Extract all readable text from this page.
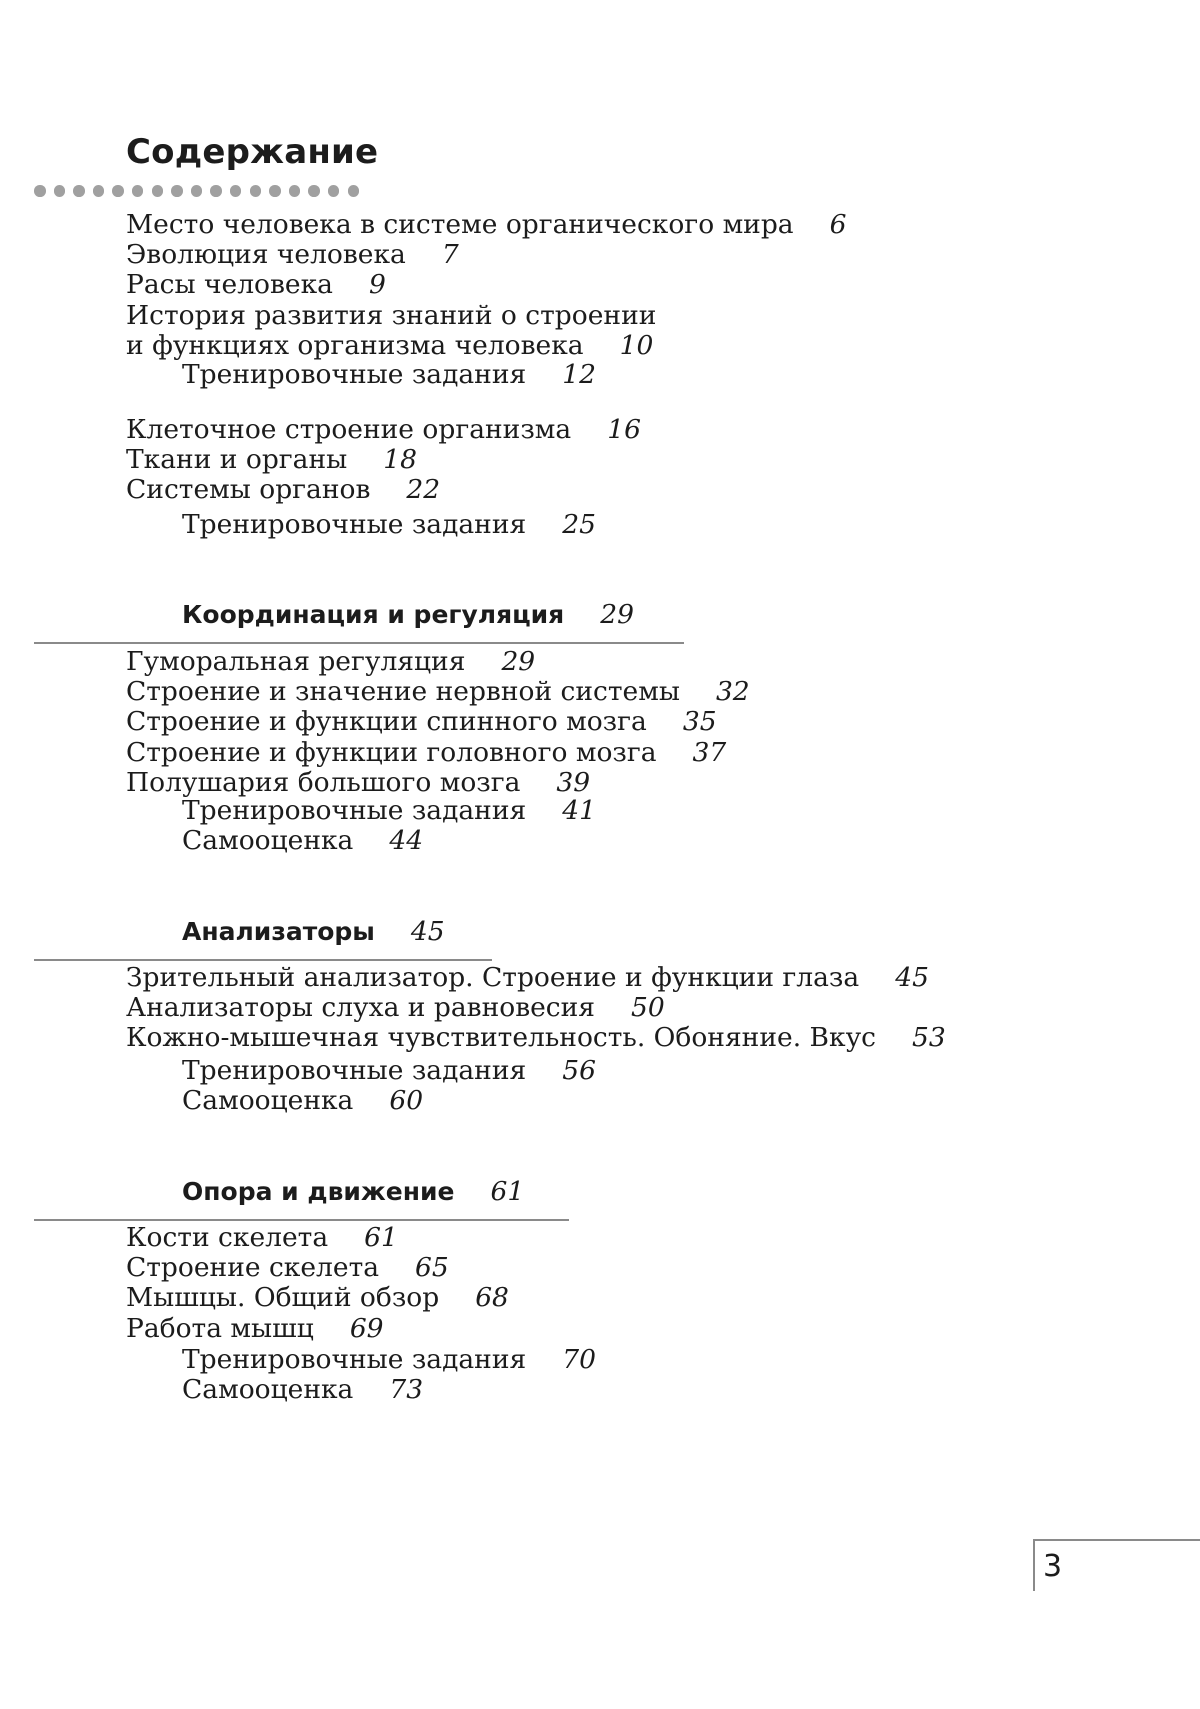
Содержание
Место человека в системе органического мира 6
Эволюция человека 7
Расы человека 9
История развития знаний о строении
и функциях организма человека 10
Тренировочные задания 12
Клеточное строение организма 16
Ткани и органы 18
Системы органов 22
Тренировочные задания 25
Координация и регуляция 29
Гуморальная регуляция 29
Строение и значение нервной системы 32
Строение и функции спинного мозга 35
Строение и функции головного мозга 37
Полушария большого мозга 39
Тренировочные задания 41
Самооценка 44
Анализаторы 45
Зрительный анализатор. Строение и функции глаза 45
Анализаторы слуха и равновесия 50
Кожно-мышечная чувствительность. Обоняние. Вкус 53
Тренировочные задания 56
Самооценка 60
Опора и движение 61
Кости скелета 61
Строение скелета 65
Мышцы. Общий обзор 68
Работа мышц 69
Тренировочные задания 70
Самооценка 73
3
